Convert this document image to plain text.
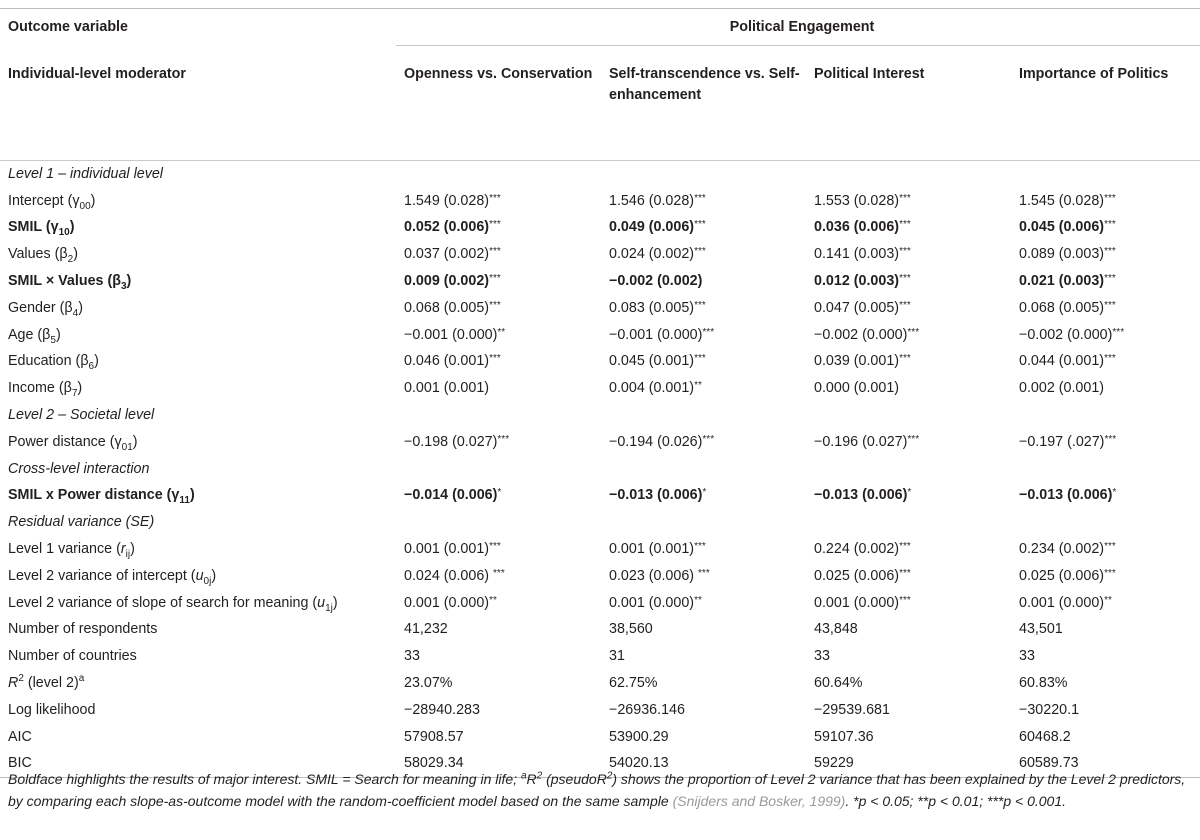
Outcome variable	Political Engagement			
Individual-level moderator	Openness vs. Conservation	Self-transcendence vs. Self-enhancement	Political Interest	Importance of Politics
Level 1 – individual level				
Intercept $(\gamma_{00})$	1.549 (0.028)***	1.546 (0.028)***	1.553 (0.028)***	1.545 (0.028)***
SMIL $(\gamma_{10})$	0.052 (0.006)***	0.049 (0.006)***	0.036 (0.006)***	0.045 (0.006)***
Values $(\beta_2)$	0.037 (0.002)***	0.024 (0.002)***	0.141 (0.003)***	0.089 (0.003)***
SMIL × Values $(\beta_3)$	0.009 (0.002)***	−0.002 (0.002)	0.012 (0.003)***	0.021 (0.003)***
Gender $(\beta_4)$	0.068 (0.005)***	0.083 (0.005)***	0.047 (0.005)***	0.068 (0.005)***
Age $(\beta_5)$	−0.001 (0.000)**	−0.001 (0.000)***	−0.002 (0.000)***	−0.002 (0.000)***
Education $(\beta_6)$	0.046 (0.001)***	0.045 (0.001)***	0.039 (0.001)***	0.044 (0.001)***
Income $(\beta_7)$	0.001 (0.001)	0.004 (0.001)**	0.000 (0.001)	0.002 (0.001)
Level 2 – Societal level				
Power distance $(\gamma_{01})$	−0.198 (0.027)***	−0.194 (0.026)***	−0.196 (0.027)***	−0.197 (.027)***
Cross-level interaction				
SMIL x Power distance $(\gamma_{11})$	−0.014 (0.006)*	−0.013 (0.006)*	−0.013 (0.006)*	−0.013 (0.006)*
Residual variance (SE)				
Level 1 variance $(r_{ij})$	0.001 (0.001)***	0.001 (0.001)***	0.224 (0.002)***	0.234 (0.002)***
Level 2 variance of intercept $(u_{0j})$	0.024 (0.006) ***	0.023 (0.006) ***	0.025 (0.006)***	0.025 (0.006)***
Level 2 variance of slope of search for meaning $(u_{1j})$	0.001 (0.000)**	0.001 (0.000)**	0.001 (0.000)***	0.001 (0.000)**
Number of respondents	41,232	38,560	43,848	43,501
Number of countries	33	31	33	33
$R^2$ (level 2)$^a$	23.07%	62.75%	60.64%	60.83%
Log likelihood	−28940.283	−26936.146	−29539.681	−30220.1
AIC	57908.57	53900.29	59107.36	60468.2
BIC	58029.34	54020.13	59229	60589.73
Boldface highlights the results of major interest. SMIL = Search for meaning in life; $^aR^2$ (pseudoR$^2$) shows the proportion of Level 2 variance that has been explained by the Level 2 predictors, by comparing each slope-as-outcome model with the random-coefficient model based on the same sample (Snijders and Bosker, 1999). *p < 0.05; **p < 0.01; ***p < 0.001.
